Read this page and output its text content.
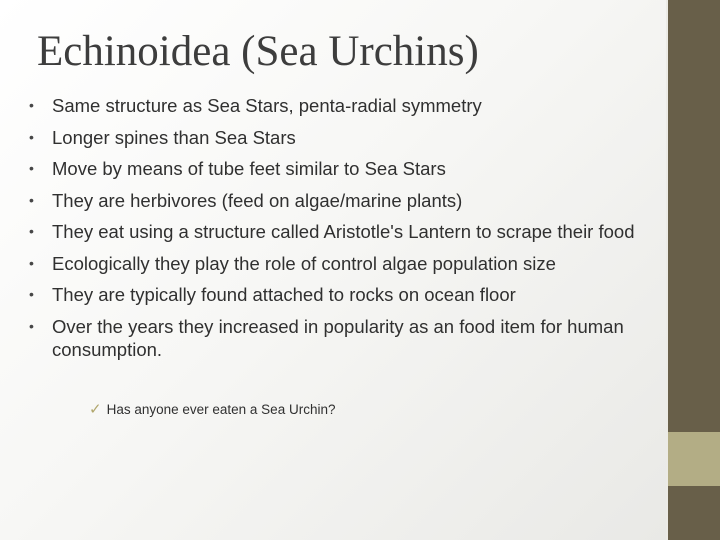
Echinoidea (Sea Urchins)
• Same structure as Sea Stars, penta-radial symmetry
• Longer spines than Sea Stars
• Move by means of tube feet similar to Sea Stars
• They are herbivores (feed on algae/marine plants)
• They eat using a structure called Aristotle's Lantern to scrape their food
• Ecologically they play the role of control algae population size
• They are typically found attached to rocks on ocean floor
• Over the years they increased in popularity as an food item for human consumption.
✓ Has anyone ever eaten a Sea Urchin?
